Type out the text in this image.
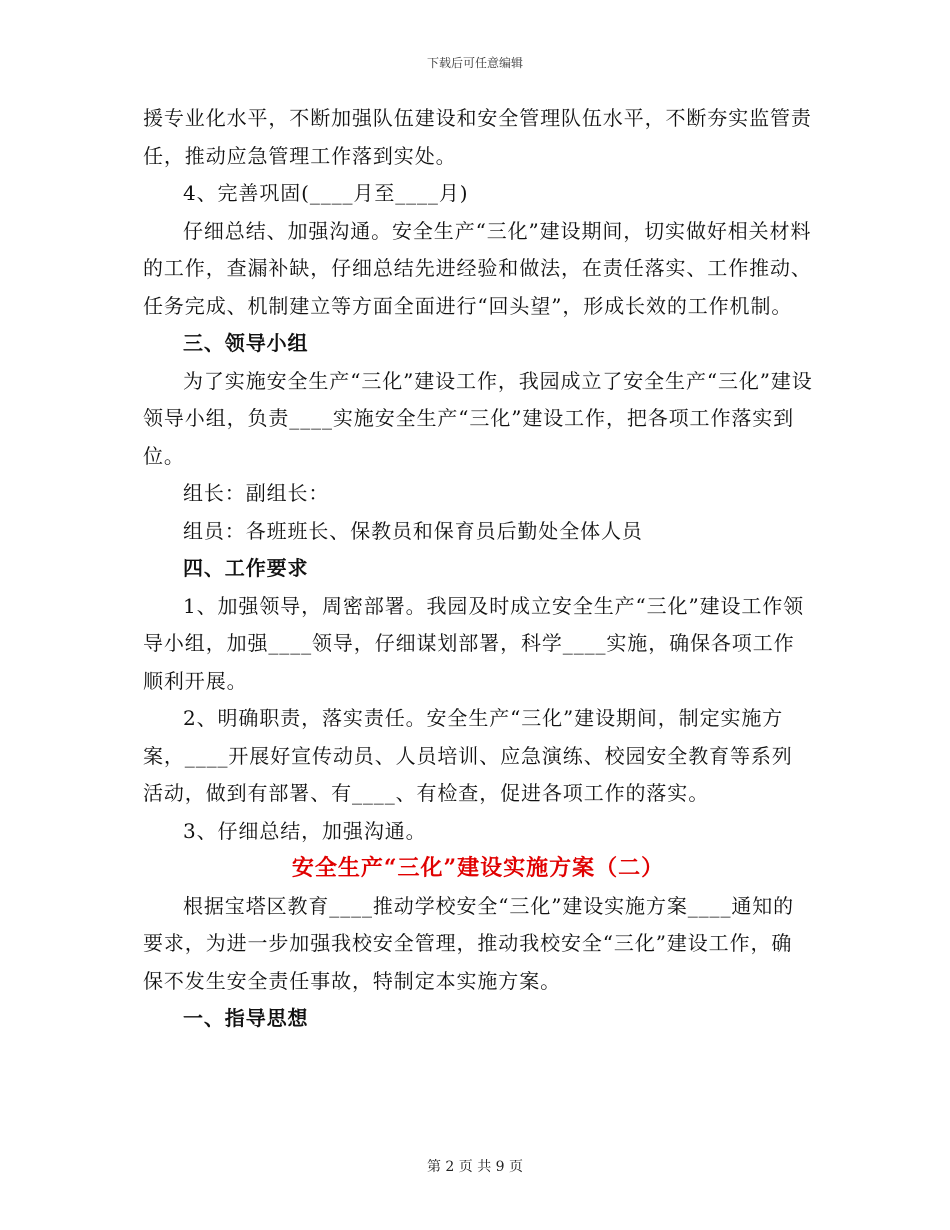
下载后可任意编辑

援专业化水平，不断加强队伍建设和安全管理队伍水平，不断夯实监管责任，推动应急管理工作落到实处。

4、完善巩固(____月至____月)

仔细总结、加强沟通。安全生产“三化”建设期间，切实做好相关材料的工作，查漏补缺，仔细总结先进经验和做法，在责任落实、工作推动、任务完成、机制建立等方面全面进行“回头望”，形成长效的工作机制。

三、领导小组

为了实施安全生产“三化”建设工作，我园成立了安全生产“三化”建设领导小组，负责____实施安全生产“三化”建设工作，把各项工作落实到位。

组长：副组长：

组员：各班班长、保教员和保育员后勤处全体人员

四、工作要求

1、加强领导，周密部署。我园及时成立安全生产“三化”建设工作领导小组，加强____领导，仔细谋划部署，科学____实施，确保各项工作顺利开展。

2、明确职责，落实责任。安全生产“三化”建设期间，制定实施方案，____开展好宣传动员、人员培训、应急演练、校园安全教育等系列活动，做到有部署、有____、有检查，促进各项工作的落实。

3、仔细总结，加强沟通。

安全生产“三化”建设实施方案（二）

根据宝塔区教育____推动学校安全“三化”建设实施方案____通知的要求，为进一步加强我校安全管理，推动我校安全“三化”建设工作，确保不发生安全责任事故，特制定本实施方案。

一、指导思想

第 2 页 共 9 页
